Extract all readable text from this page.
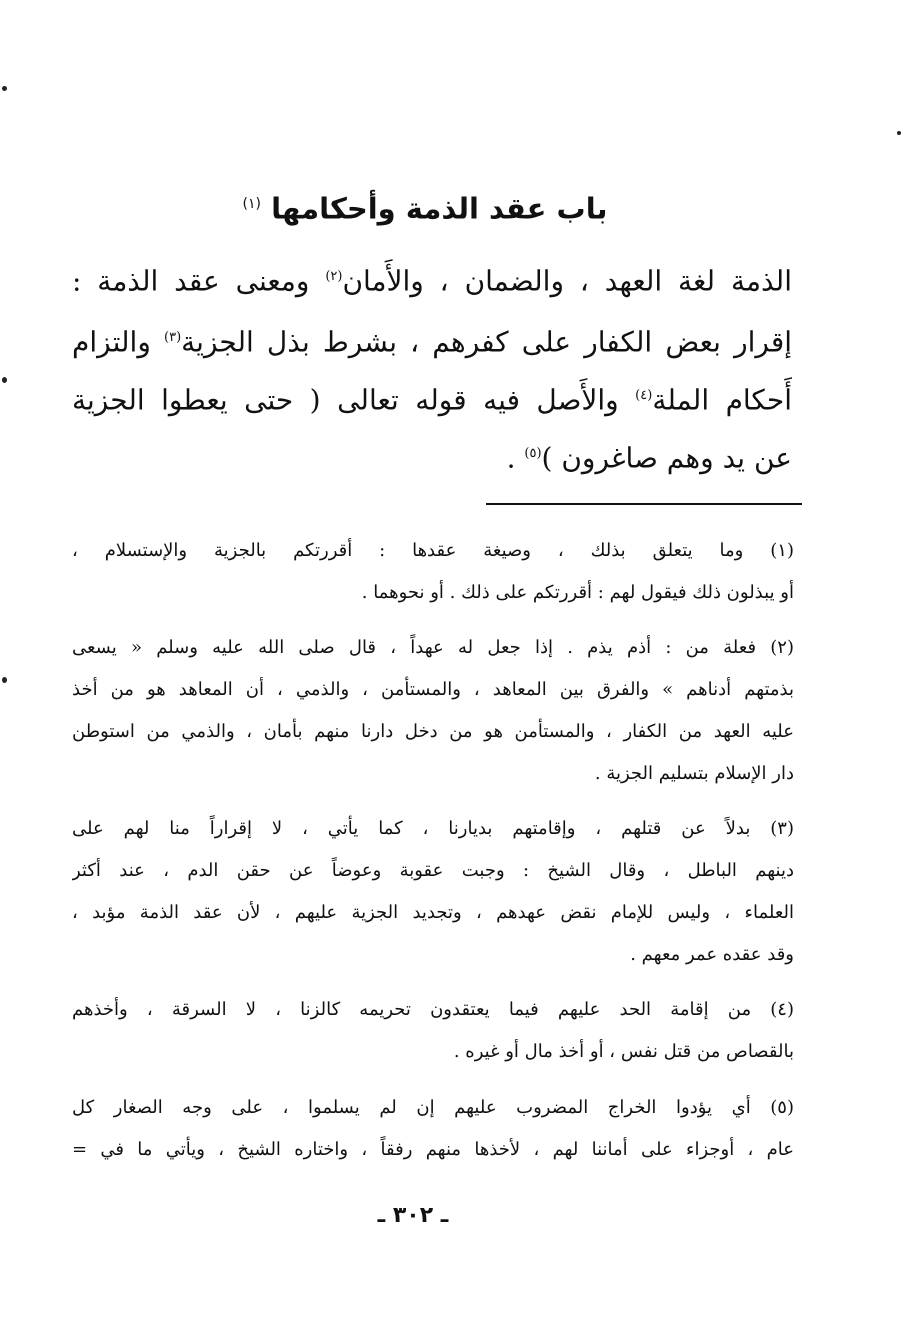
باب عقد الذمة وأحكامها $^{(١)}$
الذمة لغة العهد ، والضمان ، والأَمان$^{(٢)}$ ومعنى عقد الذمة :
إقرار بعض الكفار على كفرهم ، بشرط بذل الجزية$^{(٣)}$ والتزام
أَحكام الملة$^{(٤)}$ والأَصل فيه قوله تعالى ( حتى يعطوا الجزية
عن يد وهم صاغرون )$^{(٥)}$ .
(١) وما يتعلق بذلك ، وصيغة عقدها : أقررتكم بالجزية والإستسلام ،
أو يبذلون ذلك فيقول لهم : أقررتكم على ذلك . أو نحوهما .
(٢) فعلة من : أذم يذم . إذا جعل له عهداً ، قال صلى الله عليه وسلم « يسعى
بذمتهم أدناهم » والفرق بين المعاهد ، والمستأمن ، والذمي ، أن المعاهد هو من أخذ
عليه العهد من الكفار ، والمستأمن هو من دخل دارنا منهم بأمان ، والذمي من استوطن
دار الإسلام بتسليم الجزية .
(٣) بدلاً عن قتلهم ، وإقامتهم بديارنا ، كما يأتي ، لا إقراراً منا لهم على
دينهم الباطل ، وقال الشيخ : وجبت عقوبة وعوضاً عن حقن الدم ، عند أكثر
العلماء ، وليس للإمام نقض عهدهم ، وتجديد الجزية عليهم ، لأن عقد الذمة مؤبد ،
وقد عقده عمر معهم .
(٤) من إقامة الحد عليهم فيما يعتقدون تحريمه كالزنا ، لا السرقة ، وأخذهم
بالقصاص من قتل نفس ، أو أخذ مال أو غيره .
(٥) أي يؤدوا الخراج المضروب عليهم إن لم يسلموا ، على وجه الصغار كل
عام ، أوجزاء على أماننا لهم ، لأخذها منهم رفقاً ، واختاره الشيخ ، ويأتي ما في =
ـ ٣٠٢ ـ
